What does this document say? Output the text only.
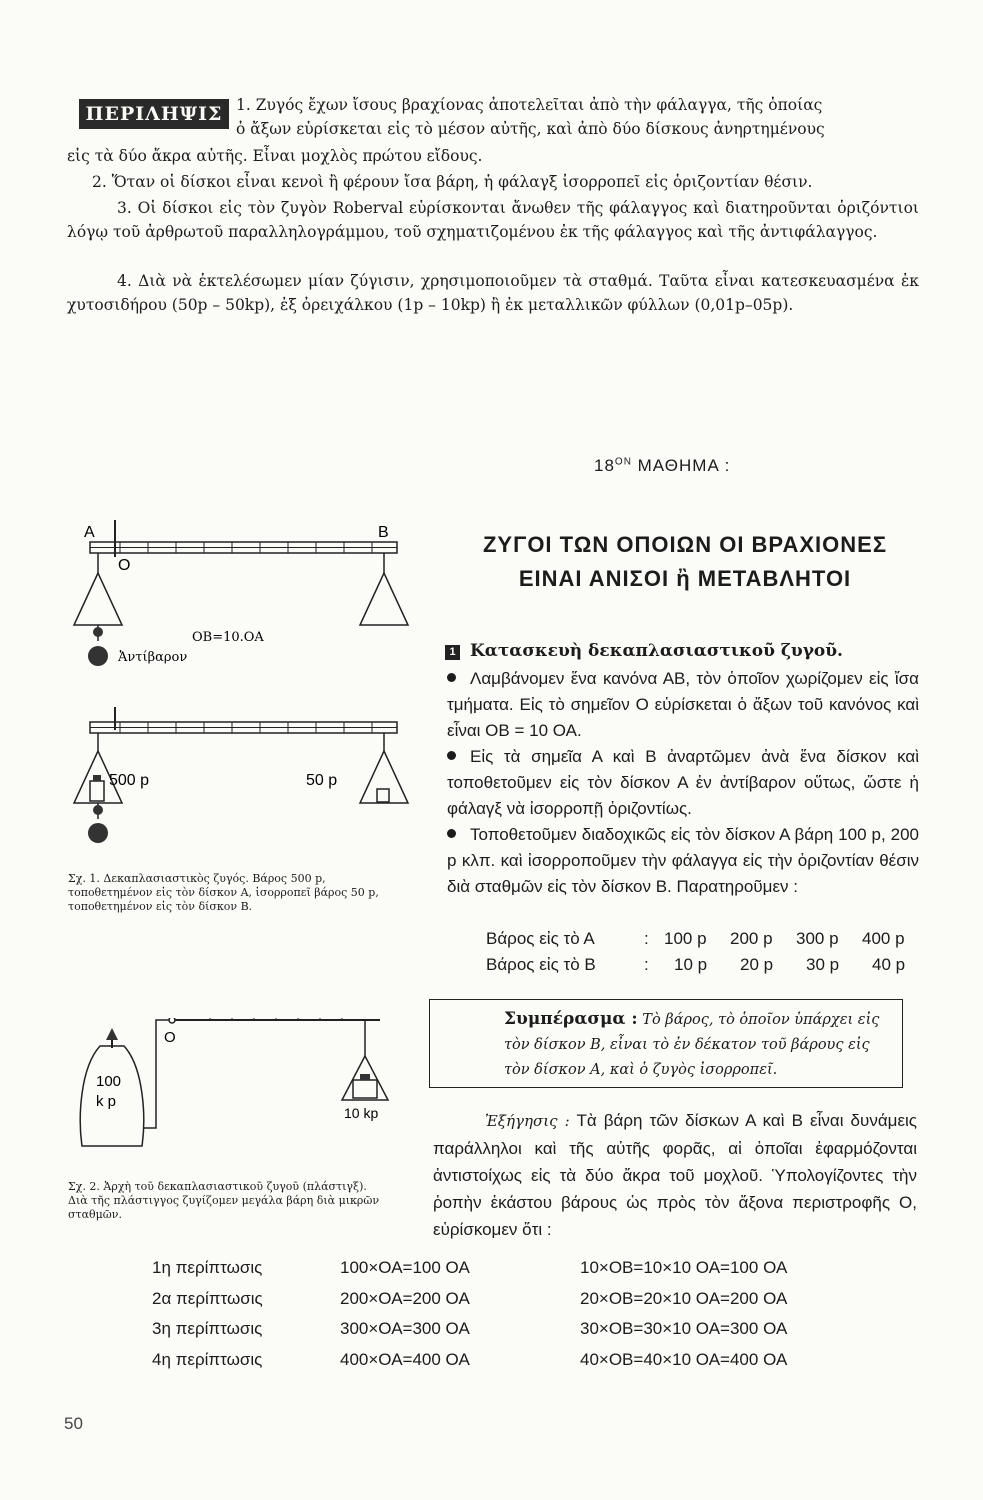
ΠΕΡΙΛΗΨΙΣ 1. Ζυγός ἔχων ἴσους βραχίονας ἀποτελεῖται ἀπὸ τὴν φάλαγγα, τῆς ὁποίας

ὁ ἄξων εὑρίσκεται εἰς τὸ μέσον αὐτῆς, καὶ ἀπὸ δύο δίσκους ἀνηρτημένους

εἰς τὰ δύο ἄκρα αὐτῆς. Εἶναι μοχλὸς πρώτου εἴδους.
2. Ὅταν οἱ δίσκοι εἶναι κενοὶ ἢ φέρουν ἴσα βάρη, ἡ φάλαγξ ἰσορροπεῖ εἰς ὁριζοντίαν θέσιν.

3. Οἱ δίσκοι εἰς τὸν ζυγὸν Roberval εὑρίσκονται ἄνωθεν τῆς φάλαγγος καὶ διατηροῦνται ὁριζόντιοι λόγῳ τοῦ ἀρθρωτοῦ παραλληλογράμμου, τοῦ σχηματιζομένου ἐκ τῆς φάλαγγος καὶ τῆς ἀντιφάλαγγος.

4. Διὰ νὰ ἐκτελέσωμεν μίαν ζύγισιν, χρησιμοποιοῦμεν τὰ σταθμά. Ταῦτα εἶναι κατεσκευασμένα ἐκ χυτοσιδήρου (50p – 50kp), ἐξ ὀρειχάλκου (1p – 10kp) ἢ ἐκ μεταλλικῶν φύλλων (0,01p–05p).

$18^{ON}$ ΜΑΘΗΜΑ :
ΖΥΓΟΙ ΤΩΝ ΟΠΟΙΩΝ ΟΙ ΒΡΑΧΙΟΝΕΣ
ΕΙΝΑΙ ΑΝΙΣΟΙ ἢ ΜΕΤΑΒΛΗΤΟΙ
1 Κατασκευὴ δεκαπλασιαστικοῦ ζυγοῦ.
Λαμβάνομεν ἕνα κανόνα ΑΒ, τὸν ὁποῖον χωρίζομεν εἰς ἴσα τμήματα. Εἰς τὸ σημεῖον Ο εὑρίσκεται ὁ ἄξων τοῦ κανόνος καὶ εἶναι ΟΒ = 10 ΟΑ.
Εἰς τὰ σημεῖα Α καὶ Β ἀναρτῶμεν ἀνὰ ἕνα δίσκον καὶ τοποθετοῦμεν εἰς τὸν δίσκον Α ἐν ἀντίβαρον οὕτως, ὥστε ἡ φάλαγξ νὰ ἰσορροπῇ ὁριζοντίως.
Τοποθετοῦμεν διαδοχικῶς εἰς τὸν δίσκον Α βάρη 100 p, 200 p κλπ. καὶ ἰσορροποῦμεν τὴν φάλαγγα εἰς τὴν ὁριζοντίαν θέσιν διὰ σταθμῶν εἰς τὸν δίσκον Β. Παρατηροῦμεν :
Βάρος εἰς τὸ Α	: 100 p 200 p 300 p 400 p
Βάρος εἰς τὸ Β	: 10 p 20 p 30 p 40 p
Συμπέρασμα : Τὸ βάρος, τὸ ὁποῖον ὑπάρχει εἰς τὸν δίσκον Β, εἶναι τὸ ἐν δέκατον τοῦ βάρους εἰς τὸν δίσκον Α, καὶ ὁ ζυγὸς ἰσορροπεῖ.
Ἐξήγησις : Τὰ βάρη τῶν δίσκων Α καὶ Β εἶναι δυνάμεις παράλληλοι καὶ τῆς αὐτῆς φορᾶς, αἱ ὁποῖαι ἐφαρμόζονται ἀντιστοίχως εἰς τὰ δύο ἄκρα τοῦ μοχλοῦ. Ὑπολογίζοντες τὴν ῥοπὴν ἑκάστου βάρους ὡς πρὸς τὸν ἄξονα περιστροφῆς Ο, εὑρίσκομεν ὅτι :
1η περίπτωσις	100×ΟΑ=100 ΟΑ	10×ΟΒ=10×10 ΟΑ=100 ΟΑ
2α περίπτωσις	200×ΟΑ=200 ΟΑ	20×ΟΒ=20×10 ΟΑ=200 ΟΑ
3η περίπτωσις	300×ΟΑ=300 ΟΑ	30×ΟΒ=30×10 ΟΑ=300 ΟΑ
4η περίπτωσις	400×ΟΑ=400 ΟΑ	40×ΟΒ=40×10 ΟΑ=400 ΟΑ
Α	Β
Ο
Ἀντίβαρον
ΟΒ=10.ΟΑ
500 p	50 p
Σχ. 1. Δεκαπλασιαστικὸς ζυγός. Βάρος 500 p, τοποθετημένον εἰς τὸν δίσκον Α, ἰσορροπεῖ βάρος 50 p, τοποθετημένον εἰς τὸν δίσκον Β.
100
k p
Ο
10 kp
Σχ. 2. Ἀρχὴ τοῦ δεκαπλασιαστικοῦ ζυγοῦ (πλάστιγξ). Διὰ τῆς πλάστιγγος ζυγίζομεν μεγάλα βάρη διὰ μικρῶν σταθμῶν.
50
